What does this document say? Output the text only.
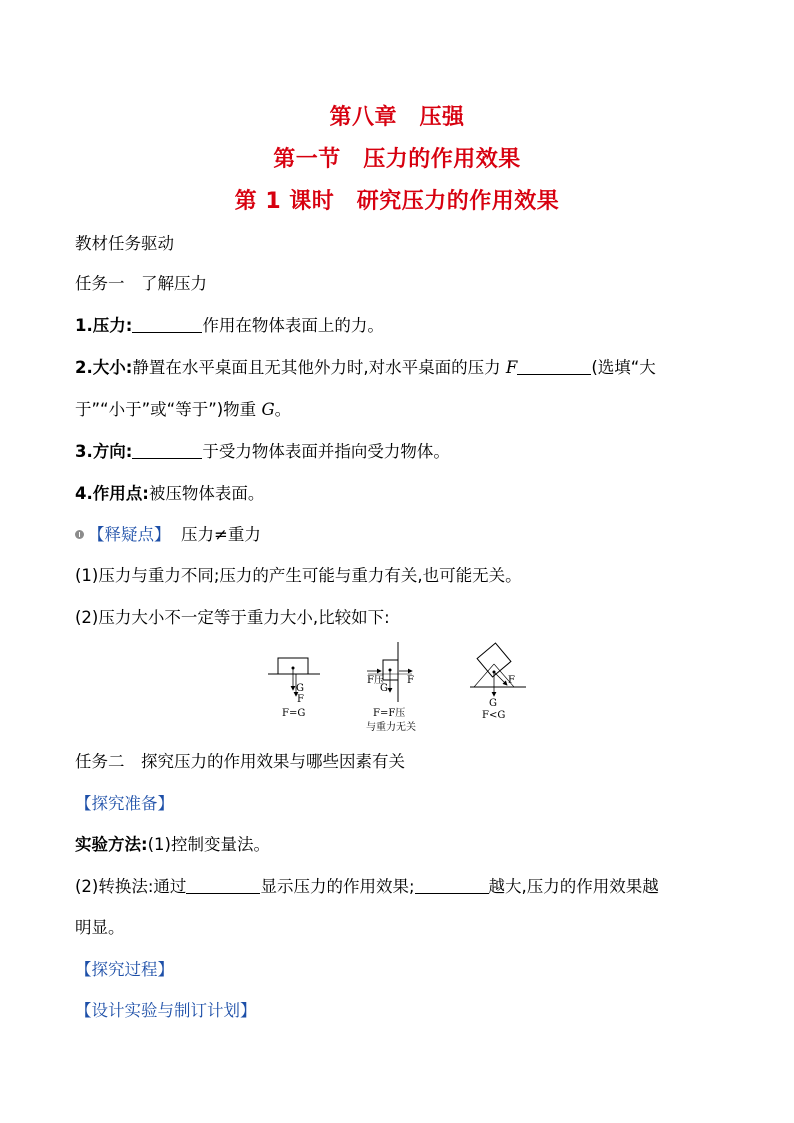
第八章　压强
第一节　压力的作用效果
第 1 课时　研究压力的作用效果
教材任务驱动
任务一　了解压力
1.压力:	作用在物体表面上的力。
2.大小:静置在水平桌面且无其他外力时,对水平桌面的压力 F	(选填“大
于”“小于”或“等于”)物重 G。
3.方向:	于受力物体表面并指向受力物体。
4.作用点:被压物体表面。
【释疑点】 压力≠重力
(1)压力与重力不同;压力的产生可能与重力有关,也可能无关。
(2)压力大小不一定等于重力大小,比较如下:
G
F
F=G
F压 F
G
F=F压
与重力无关
F
G
F<G
任务二　探究压力的作用效果与哪些因素有关
【探究准备】
实验方法:(1)控制变量法。
(2)转换法:通过	显示压力的作用效果;	越大,压力的作用效果越
明显。
【探究过程】
【设计实验与制订计划】
